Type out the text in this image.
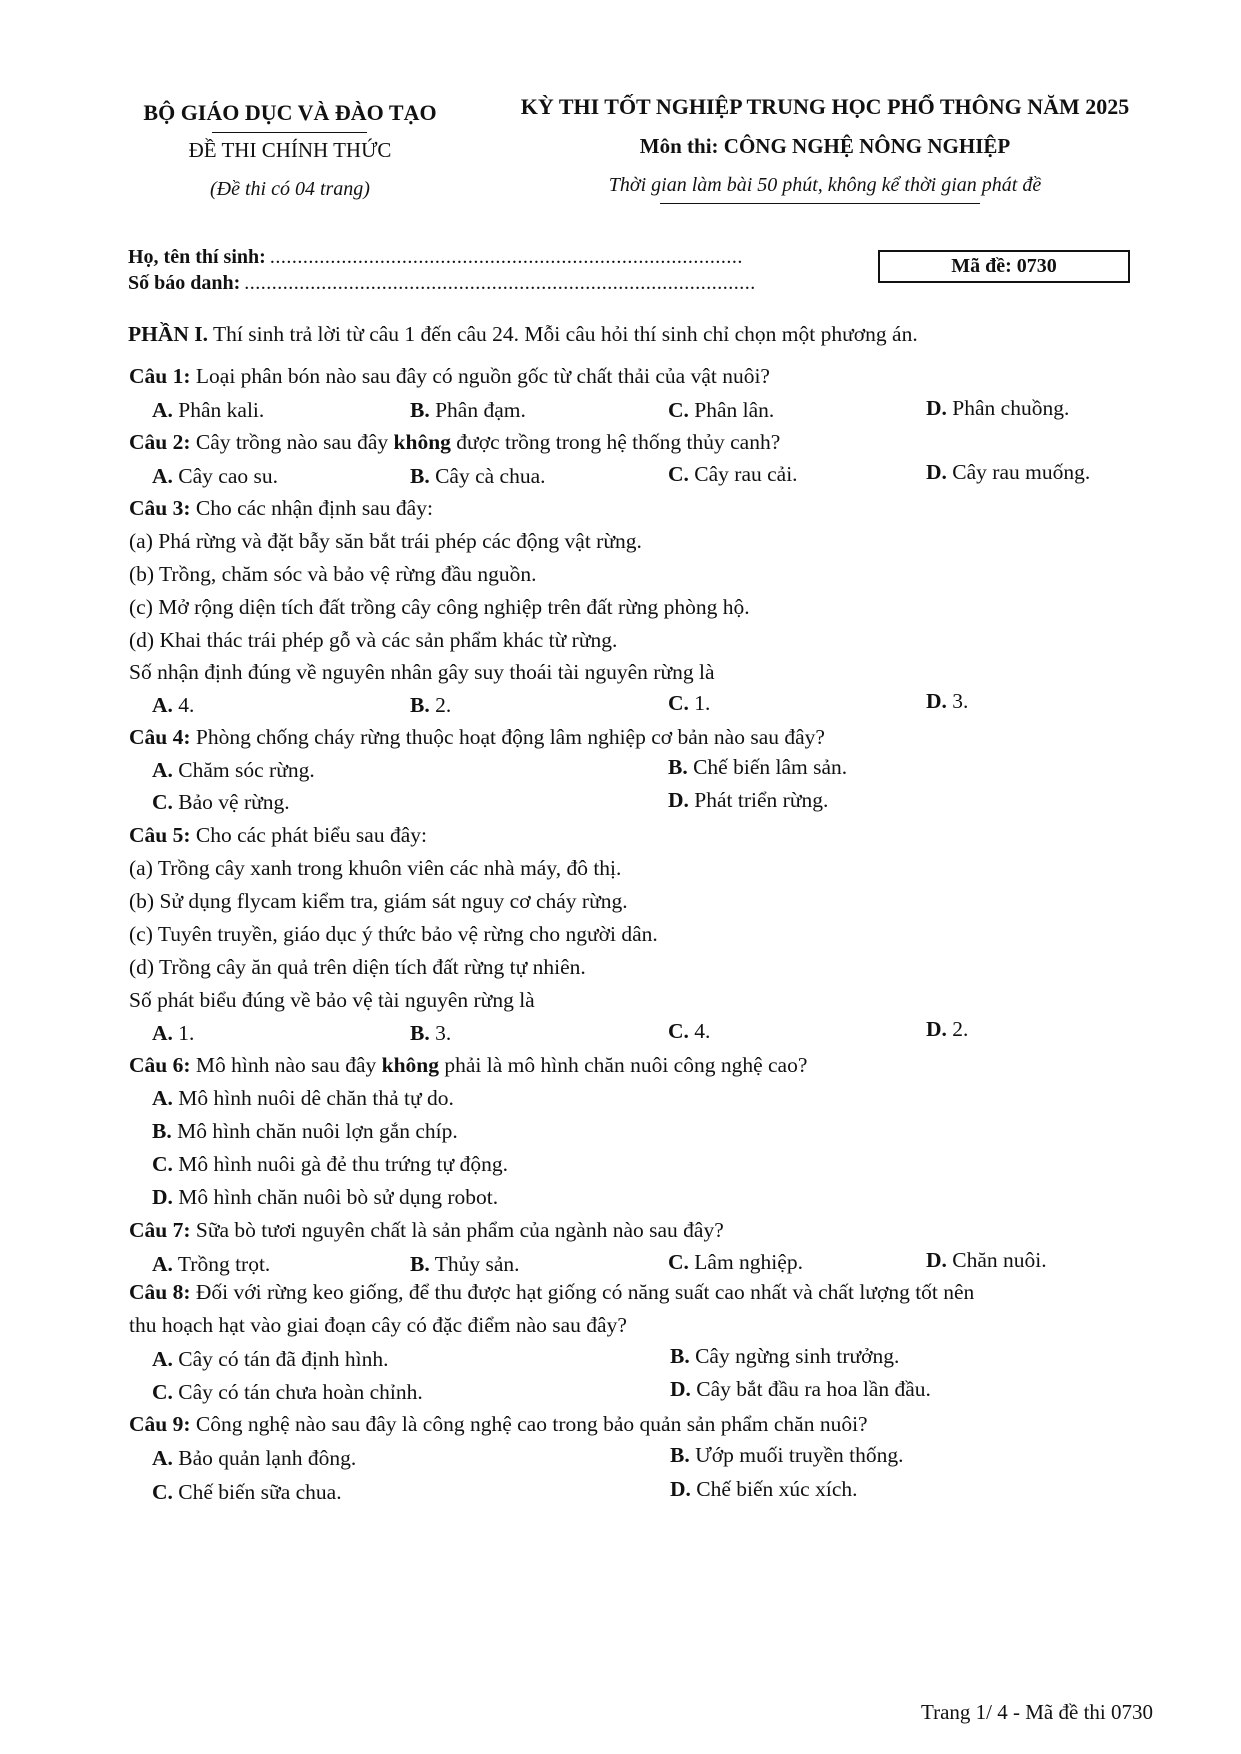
BỘ GIÁO DỤC VÀ ĐÀO TẠO
ĐỀ THI CHÍNH THỨC
(Đề thi có 04 trang)
KỲ THI TỐT NGHIỆP TRUNG HỌC PHỔ THÔNG NĂM 2025
Môn thi: CÔNG NGHỆ NÔNG NGHIỆP
Thời gian làm bài 50 phút, không kể thời gian phát đề
Họ, tên thí sinh: ......................................................................................
Số báo danh: .............................................................................................
Mã đề:
0730
PHẦN I. Thí sinh trả lời từ câu 1 đến câu 24. Mỗi câu hỏi thí sinh chỉ chọn một phương án.
Câu 1: Loại phân bón nào sau đây có nguồn gốc từ chất thải của vật nuôi?
A. Phân kali.	B. Phân đạm.	C. Phân lân.	D. Phân chuồng.
Câu 2: Cây trồng nào sau đây không được trồng trong hệ thống thủy canh?
A. Cây cao su.	B. Cây cà chua.	C. Cây rau cải.	D. Cây rau muống.
Câu 3: Cho các nhận định sau đây:
(a) Phá rừng và đặt bẫy săn bắt trái phép các động vật rừng.
(b) Trồng, chăm sóc và bảo vệ rừng đầu nguồn.
(c) Mở rộng diện tích đất trồng cây công nghiệp trên đất rừng phòng hộ.
(d) Khai thác trái phép gỗ và các sản phẩm khác từ rừng.
Số nhận định đúng về nguyên nhân gây suy thoái tài nguyên rừng là
A. 4.	B. 2.	C. 1.	D. 3.
Câu 4: Phòng chống cháy rừng thuộc hoạt động lâm nghiệp cơ bản nào sau đây?
A. Chăm sóc rừng.	B. Chế biến lâm sản.
C. Bảo vệ rừng.	D. Phát triển rừng.
Câu 5: Cho các phát biểu sau đây:
(a) Trồng cây xanh trong khuôn viên các nhà máy, đô thị.
(b) Sử dụng flycam kiểm tra, giám sát nguy cơ cháy rừng.
(c) Tuyên truyền, giáo dục ý thức bảo vệ rừng cho người dân.
(d) Trồng cây ăn quả trên diện tích đất rừng tự nhiên.
Số phát biểu đúng về bảo vệ tài nguyên rừng là
A. 1.	B. 3.	C. 4.	D. 2.
Câu 6: Mô hình nào sau đây không phải là mô hình chăn nuôi công nghệ cao?
A. Mô hình nuôi dê chăn thả tự do.
B. Mô hình chăn nuôi lợn gắn chíp.
C. Mô hình nuôi gà đẻ thu trứng tự động.
D. Mô hình chăn nuôi bò sử dụng robot.
Câu 7: Sữa bò tươi nguyên chất là sản phẩm của ngành nào sau đây?
A. Trồng trọt.	B. Thủy sản.	C. Lâm nghiệp.	D. Chăn nuôi.
Câu 8: Đối với rừng keo giống, để thu được hạt giống có năng suất cao nhất và chất lượng tốt nên
thu hoạch hạt vào giai đoạn cây có đặc điểm nào sau đây?
A. Cây có tán đã định hình.	B. Cây ngừng sinh trưởng.
C. Cây có tán chưa hoàn chỉnh.	D. Cây bắt đầu ra hoa lần đầu.
Câu 9: Công nghệ nào sau đây là công nghệ cao trong bảo quản sản phẩm chăn nuôi?
A. Bảo quản lạnh đông.	B. Ướp muối truyền thống.
C. Chế biến sữa chua.	D. Chế biến xúc xích.
Trang 1/ 4 - Mã đề thi 0730
